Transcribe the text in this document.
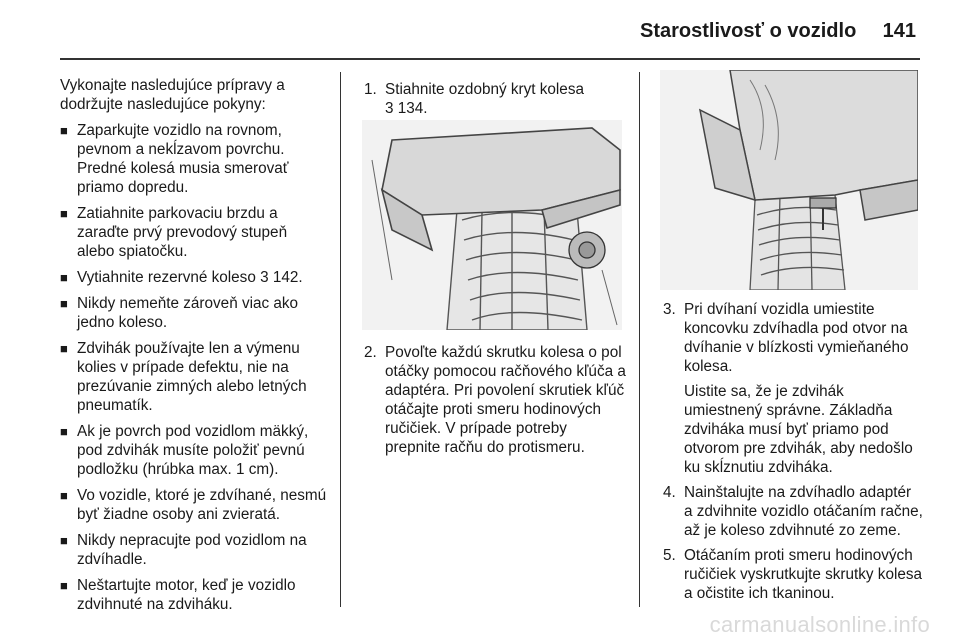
Starostlivosť o vozidlo 141
Vykonajte nasledujúce prípravy a dodržujte nasledujúce pokyny:
■ Zaparkujte vozidlo na rovnom, pevnom a nekĺzavom povrchu. Predné kolesá musia smerovať priamo dopredu.
■ Zatiahnite parkovaciu brzdu a zaraďte prvý prevodový stupeň alebo spiatočku.
■ Vytiahnite rezervné koleso 3 142.
■ Nikdy nemeňte zároveň viac ako jedno koleso.
■ Zdvihák používajte len a výmenu kolies v prípade defektu, nie na prezúvanie zimných alebo letných pneumatík.
■ Ak je povrch pod vozidlom mäkký, pod zdvihák musíte položiť pevnú podložku (hrúbka max. 1 cm).
■ Vo vozidle, ktoré je zdvíhané, nesmú byť žiadne osoby ani zvieratá.
■ Nikdy nepracujte pod vozidlom na zdvíhadle.
■ Neštartujte motor, keď je vozidlo zdvihnuté na zdviháku.
1. Stiahnite ozdobný kryt kolesa
3 134.
2. Povoľte každú skrutku kolesa o pol otáčky pomocou račňového kľúča a adaptéra. Pri povolení skrutiek kľúč otáčajte proti smeru hodinových ručičiek. V prípade potreby prepnite račňu do protismeru.
3. Pri dvíhaní vozidla umiestite koncovku zdvíhadla pod otvor na dvíhanie v blízkosti vymieňaného kolesa.
Uistite sa, že je zdvihák umiestnený správne. Základňa zdviháka musí byť priamo pod otvorom pre zdvihák, aby nedošlo ku skĺznutiu zdviháka.
4. Nainštalujte na zdvíhadlo adaptér a zdvihnite vozidlo otáčaním račne, až je koleso zdvihnuté zo zeme.
5. Otáčaním proti smeru hodinových ručičiek vyskrutkujte skrutky kolesa a očistite ich tkaninou.
carmanualsonline.info
